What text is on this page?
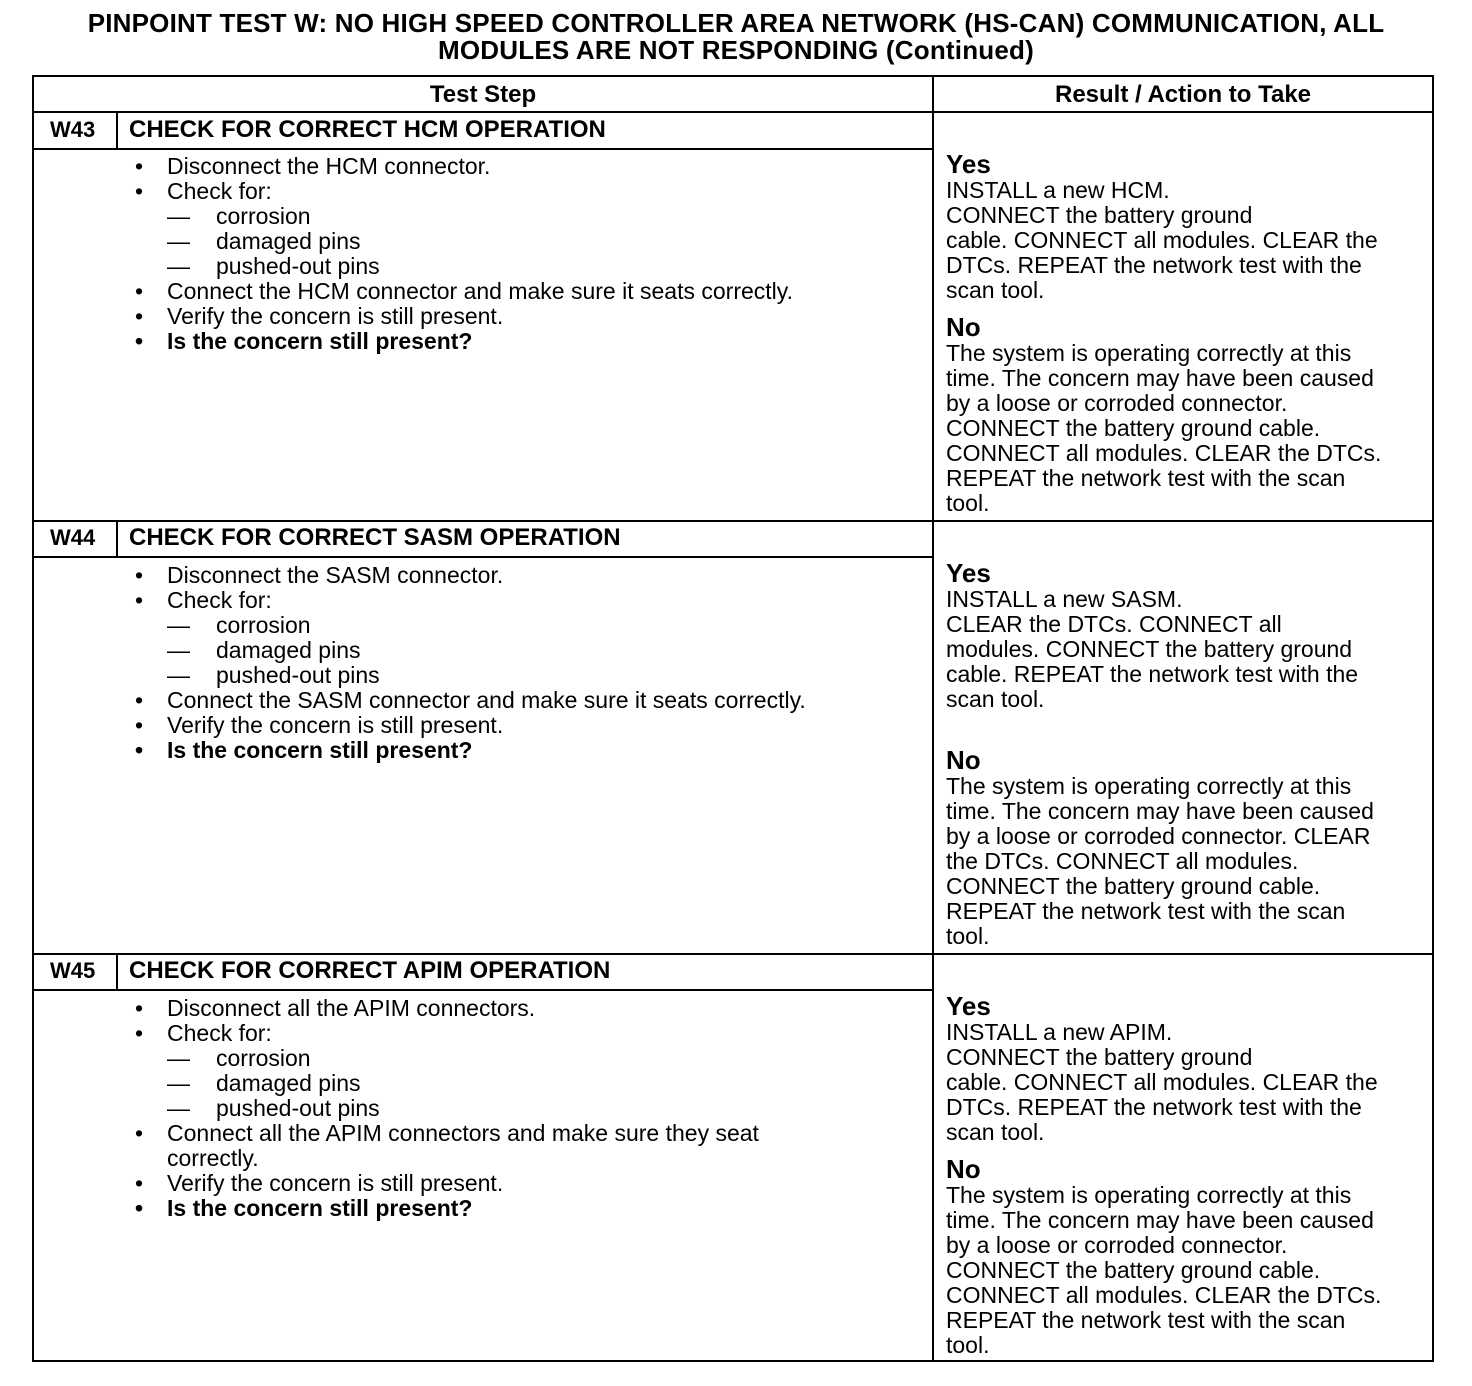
PINPOINT TEST W: NO HIGH SPEED CONTROLLER AREA NETWORK (HS-CAN) COMMUNICATION, ALL
MODULES ARE NOT RESPONDING (Continued)
Test Step	Result / Action to Take
W43 CHECK FOR CORRECT HCM OPERATION
• Disconnect the HCM connector.
• Check for:
— corrosion
— damaged pins
— pushed-out pins
• Connect the HCM connector and make sure it seats correctly.
• Verify the concern is still present.
• Is the concern still present?
Yes
INSTALL a new HCM.
CONNECT the battery ground
cable. CONNECT all modules. CLEAR the
DTCs. REPEAT the network test with the
scan tool.
No
The system is operating correctly at this
time. The concern may have been caused
by a loose or corroded connector.
CONNECT the battery ground cable.
CONNECT all modules. CLEAR the DTCs.
REPEAT the network test with the scan
tool.
W44 CHECK FOR CORRECT SASM OPERATION
• Disconnect the SASM connector.
• Check for:
— corrosion
— damaged pins
— pushed-out pins
• Connect the SASM connector and make sure it seats correctly.
• Verify the concern is still present.
• Is the concern still present?
Yes
INSTALL a new SASM.
CLEAR the DTCs. CONNECT all
modules. CONNECT the battery ground
cable. REPEAT the network test with the
scan tool.
No
The system is operating correctly at this
time. The concern may have been caused
by a loose or corroded connector. CLEAR
the DTCs. CONNECT all modules.
CONNECT the battery ground cable.
REPEAT the network test with the scan
tool.
W45 CHECK FOR CORRECT APIM OPERATION
• Disconnect all the APIM connectors.
• Check for:
— corrosion
— damaged pins
— pushed-out pins
• Connect all the APIM connectors and make sure they seat correctly.
• Verify the concern is still present.
• Is the concern still present?
Yes
INSTALL a new APIM.
CONNECT the battery ground
cable. CONNECT all modules. CLEAR the
DTCs. REPEAT the network test with the
scan tool.
No
The system is operating correctly at this
time. The concern may have been caused
by a loose or corroded connector.
CONNECT the battery ground cable.
CONNECT all modules. CLEAR the DTCs.
REPEAT the network test with the scan
tool.
